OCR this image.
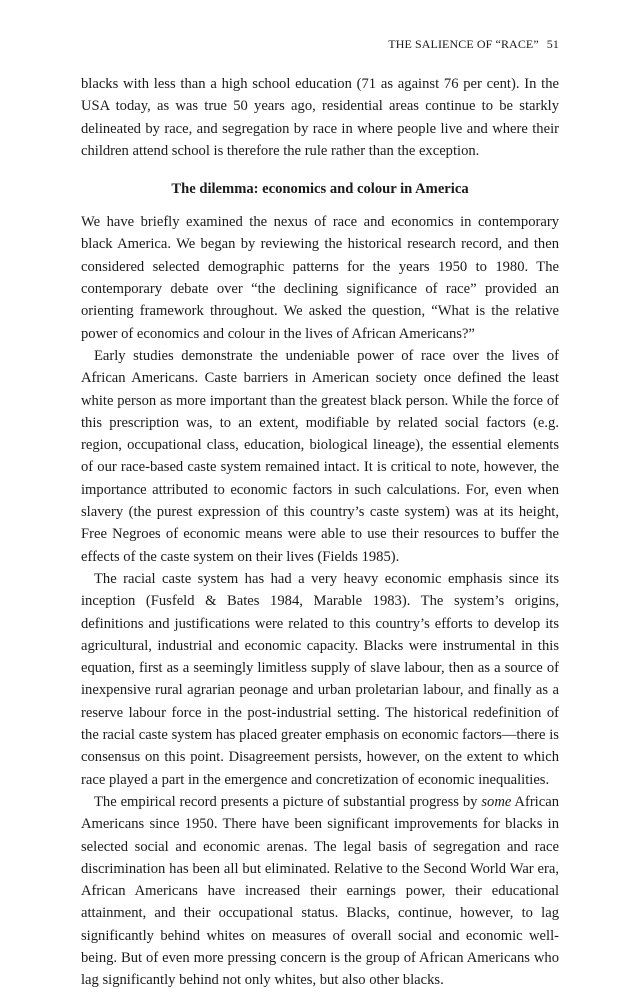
THE SALIENCE OF “RACE” 51

blacks with less than a high school education (71 as against 76 per cent). In the USA today, as was true 50 years ago, residential areas continue to be starkly delineated by race, and segregation by race in where people live and where their children attend school is therefore the rule rather than the exception.

The dilemma: economics and colour in America

We have briefly examined the nexus of race and economics in contemporary black America. We began by reviewing the historical research record, and then considered selected demographic patterns for the years 1950 to 1980. The contemporary debate over “the declining significance of race” provided an orienting framework throughout. We asked the question, “What is the relative power of economics and colour in the lives of African Americans?”

Early studies demonstrate the undeniable power of race over the lives of African Americans. Caste barriers in American society once defined the least white person as more important than the greatest black person. While the force of this prescription was, to an extent, modifiable by related social factors (e.g. region, occupational class, education, biological lineage), the essential elements of our race-based caste system remained intact. It is critical to note, however, the importance attributed to economic factors in such calculations. For, even when slavery (the purest expression of this country’s caste system) was at its height, Free Negroes of economic means were able to use their resources to buffer the effects of the caste system on their lives (Fields 1985).

The racial caste system has had a very heavy economic emphasis since its inception (Fusfeld & Bates 1984, Marable 1983). The system’s origins, definitions and justifications were related to this country’s efforts to develop its agricultural, industrial and economic capacity. Blacks were instrumental in this equation, first as a seemingly limitless supply of slave labour, then as a source of inexpensive rural agrarian peonage and urban proletarian labour, and finally as a reserve labour force in the post-industrial setting. The historical redefinition of the racial caste system has placed greater emphasis on economic factors—there is consensus on this point. Disagreement persists, however, on the extent to which race played a part in the emergence and concretization of economic inequalities.

The empirical record presents a picture of substantial progress by some African Americans since 1950. There have been significant improvements for blacks in selected social and economic arenas. The legal basis of segregation and race discrimination has been all but eliminated. Relative to the Second World War era, African Americans have increased their earnings power, their educational attainment, and their occupational status. Blacks, continue, however, to lag significantly behind whites on measures of overall social and economic well-being. But of even more pressing concern is the group of African Americans who lag significantly behind not only whites, but also other blacks.
